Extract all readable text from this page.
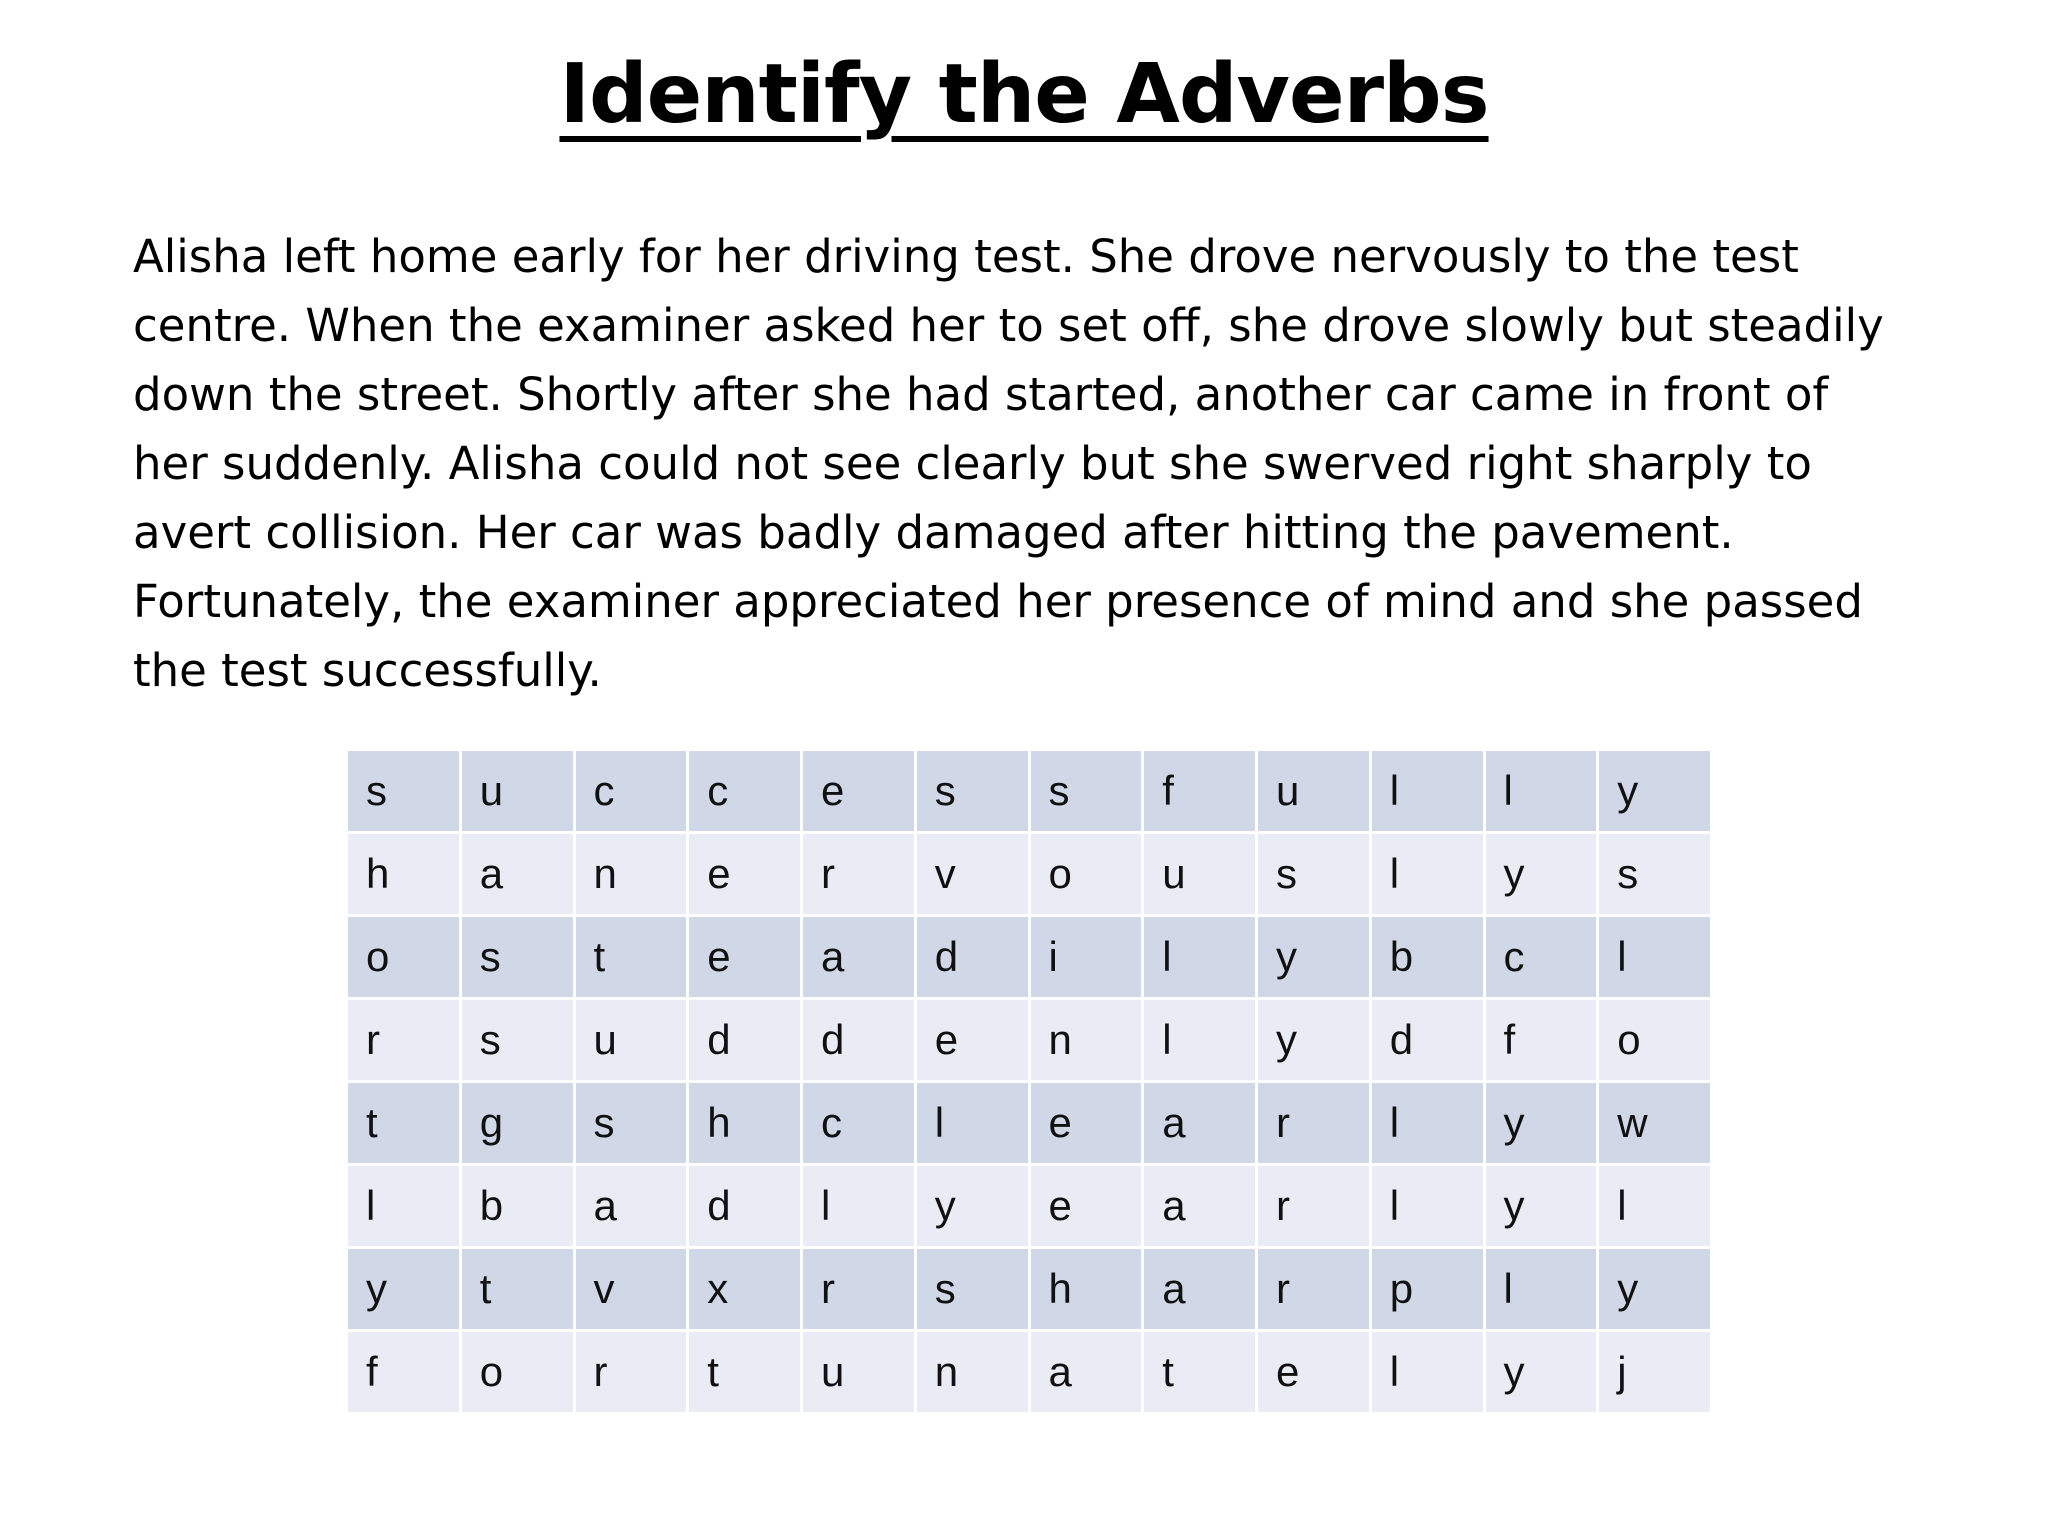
Identify the Adverbs
Alisha left home early for her driving test. She drove nervously to the test
centre. When the examiner asked her to set off, she drove slowly but steadily
down the street. Shortly after she had started, another car came in front of
her suddenly. Alisha could not see clearly but she swerved right sharply to
avert collision. Her car was badly damaged after hitting the pavement.
Fortunately, the examiner appreciated her presence of mind and she passed
the test successfully.
s	u	c	c	e	s	s	f	u	l	l	y
h	a	n	e	r	v	o	u	s	l	y	s
o	s	t	e	a	d	i	l	y	b	c	l
r	s	u	d	d	e	n	l	y	d	f	o
t	g	s	h	c	l	e	a	r	l	y	w
l	b	a	d	l	y	e	a	r	l	y	l
y	t	v	x	r	s	h	a	r	p	l	y
f	o	r	t	u	n	a	t	e	l	y	j
